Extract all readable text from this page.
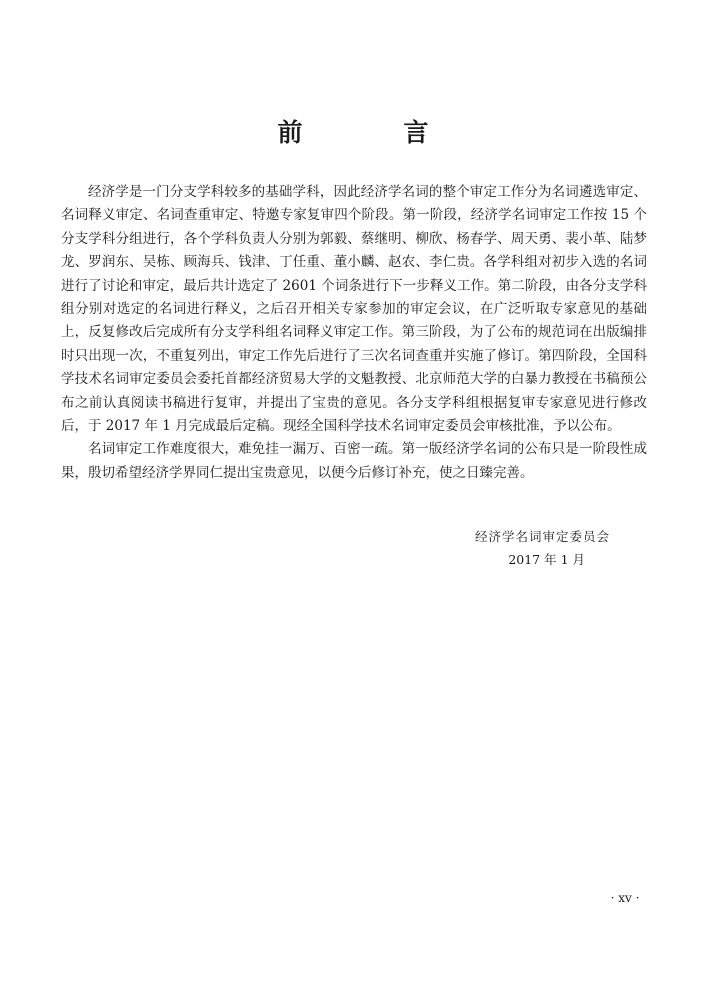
前　言

经济学是一门分支学科较多的基础学科，因此经济学名词的整个审定工作分为名词遴选审定、名词释义审定、名词查重审定、特邀专家复审四个阶段。第一阶段，经济学名词审定工作按 15 个分支学科分组进行，各个学科负责人分别为郭毅、蔡继明、柳欣、杨春学、周天勇、裴小革、陆梦龙、罗润东、吴栋、顾海兵、钱津、丁任重、董小麟、赵农、李仁贵。各学科组对初步入选的名词进行了讨论和审定，最后共计选定了 2601 个词条进行下一步释义工作。第二阶段，由各分支学科组分别对选定的名词进行释义，之后召开相关专家参加的审定会议，在广泛听取专家意见的基础上，反复修改后完成所有分支学科组名词释义审定工作。第三阶段，为了公布的规范词在出版编排时只出现一次，不重复列出，审定工作先后进行了三次名词查重并实施了修订。第四阶段，全国科学技术名词审定委员会委托首都经济贸易大学的文魁教授、北京师范大学的白暴力教授在书稿预公布之前认真阅读书稿进行复审，并提出了宝贵的意见。各分支学科组根据复审专家意见进行修改后，于 2017 年 1 月完成最后定稿。现经全国科学技术名词审定委员会审核批准，予以公布。

名词审定工作难度很大，难免挂一漏万、百密一疏。第一版经济学名词的公布只是一阶段性成果，殷切希望经济学界同仁提出宝贵意见，以便今后修订补充，使之日臻完善。

经济学名词审定委员会
2017 年 1 月
· xv ·
